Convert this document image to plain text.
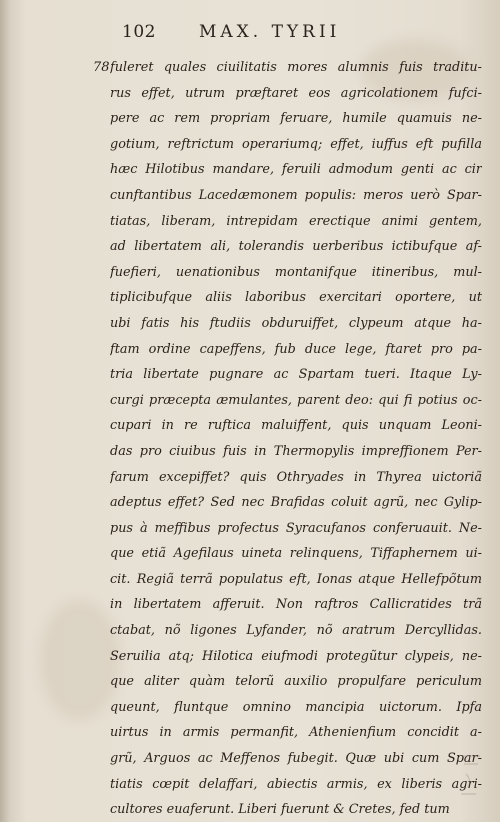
102	MAX. TYRII
78 fuleret quales ciuilitatis mores alumnis fuis traditu-
rus effet, utrum præftaret eos agricolationem fufci-
pere ac rem propriam feruare, humile quamuis ne-
gotium, reftrictum operariumq; effet, iuffus eft pufilla
hæc Hilotibus mandare, feruili admodum genti ac cir
cunftantibus Lacedæmonem populis: meros uerò Spar-
tiatas, liberam, intrepidam erectique animi gentem,
ad libertatem ali, tolerandis uerberibus ictibufque af-
fuefieri, uenationibus montanifque itineribus, mul-
tiplicibufque aliis laboribus exercitari oportere, ut
ubi fatis his ftudiis obduruiffet, clypeum atque ha-
ftam ordine capeffens, fub duce lege, ftaret pro pa-
tria libertate pugnare ac Spartam tueri. Itaque Ly-
curgi præcepta æmulantes, parent deo: qui fi potius oc-
cupari in re ruftica maluiffent, quis unquam Leoni-
das pro ciuibus fuis in Thermopylis impreffionem Per-
farum excepiffet? quis Othryades in Thyrea uictoriã
adeptus effet? Sed nec Brafidas coluit agrũ, nec Gylip-
pus à meffibus profectus Syracufanos conferuauit. Ne-
que etiã Agefilaus uineta relinquens, Tiffaphernem ui-
cit. Regiã terrã populatus eft, Ionas atque Hellefpõtum
in libertatem afferuit. Non raftros Callicratides trã
ctabat, nõ ligones Lyfander, nõ aratrum Dercyllidas.
Seruilia atq; Hilotica eiufmodi protegũtur clypeis, ne-
que aliter quàm telorũ auxilio propulfare periculum
queunt, fluntque omnino mancipia uictorum. Ipfa
uirtus in armis permanfit, Athenienfium concidit a-
grũ, Arguos ac Meffenos fubegit. Quæ ubi cum Spar-
tiatis cœpit delaffari, abiectis armis, ex liberis agri-
cultores euaferunt. Liberi fuerunt & Cretes, fed tum
